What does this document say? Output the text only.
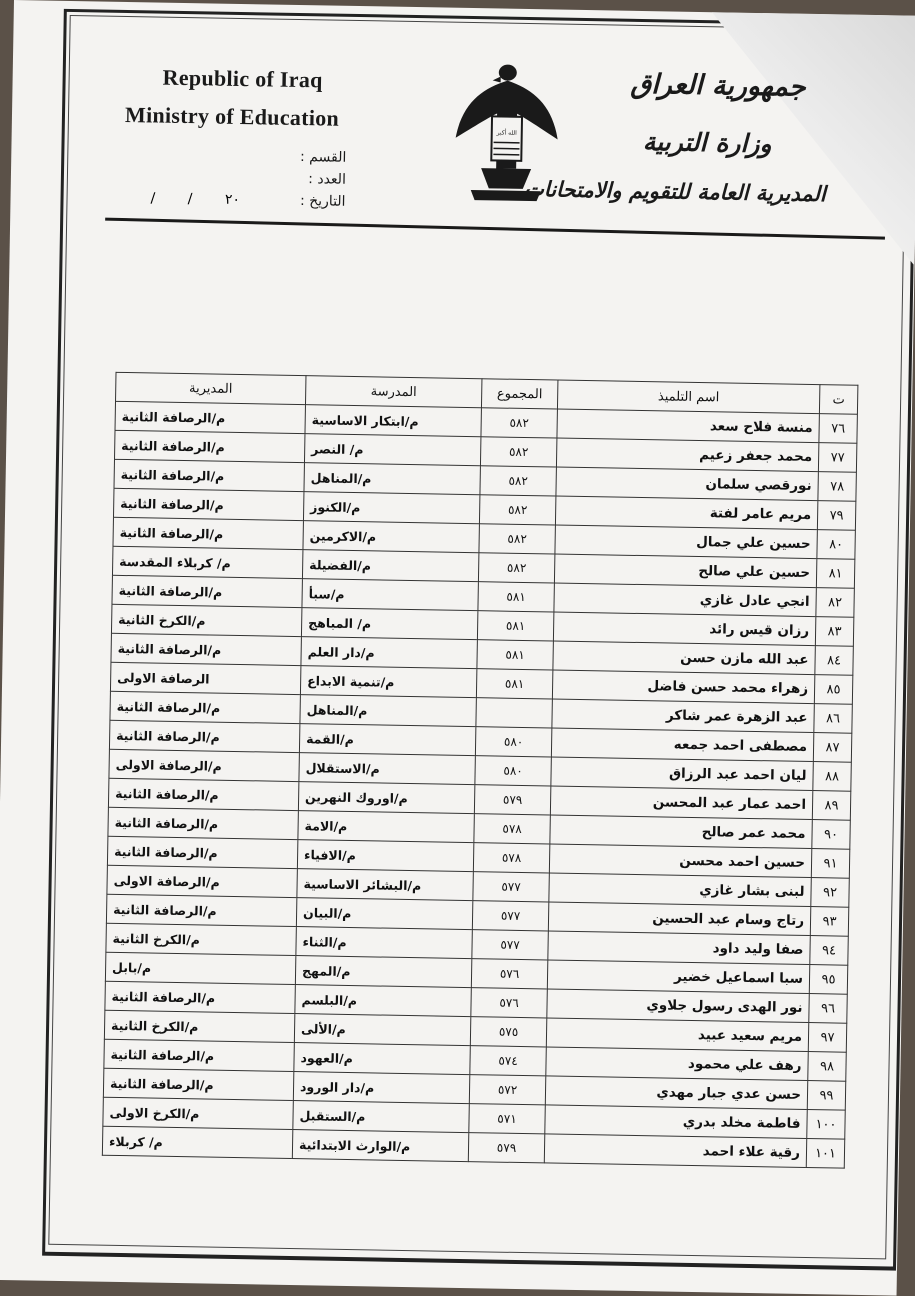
Republic of Iraq
Ministry of Education
القسم :
العدد :
التاريخ :
/ / ٢٠
الله أكبر
جمهورية العراق
وزارة التربية
المديرية العامة للتقويم والامتحانات
ت	اسم التلميذ	المجموع	المدرسة	المديرية
٧٦	منسة فلاح سعد	٥٨٢	م/ابتكار الاساسية	م/الرصافة الثانية
٧٧	محمد جعفر زعيم	٥٨٢	م/ النصر	م/الرصافة الثانية
٧٨	نورقصي سلمان	٥٨٢	م/المناهل	م/الرصافة الثانية
٧٩	مريم عامر لفتة	٥٨٢	م/الكنوز	م/الرصافة الثانية
٨٠	حسين علي جمال	٥٨٢	م/الاكرمين	م/الرصافة الثانية
٨١	حسين علي صالح	٥٨٢	م/الفضيلة	م/ كربلاء المقدسة
٨٢	انجي عادل غازي	٥٨١	م/سبأ	م/الرصافة الثانية
٨٣	رزان قيس رائد	٥٨١	م/ المباهج	م/الكرخ الثانية
٨٤	عبد الله مازن حسن	٥٨١	م/دار العلم	م/الرصافة الثانية
٨٥	زهراء محمد حسن فاضل	٥٨١	م/تنمية الابداع	الرصافة الاولى
٨٦	عبد الزهرة عمر شاكر		م/المناهل	م/الرصافة الثانية
٨٧	مصطفى احمد جمعه	٥٨٠	م/القمة	م/الرصافة الثانية
٨٨	ليان احمد عبد الرزاق	٥٨٠	م/الاستقلال	م/الرصافة الاولى
٨٩	احمد عمار عبد المحسن	٥٧٩	م/اوروك النهرين	م/الرصافة الثانية
٩٠	محمد عمر صالح	٥٧٨	م/الامة	م/الرصافة الثانية
٩١	حسين احمد محسن	٥٧٨	م/الافياء	م/الرصافة الثانية
٩٢	لبنى بشار غازي	٥٧٧	م/البشائر الاساسية	م/الرصافة الاولى
٩٣	رتاج وسام عبد الحسين	٥٧٧	م/البيان	م/الرصافة الثانية
٩٤	صفا وليد داود	٥٧٧	م/الثناء	م/الكرخ الثانية
٩٥	سبا اسماعيل خضير	٥٧٦	م/المهج	م/بابل
٩٦	نور الهدى رسول جلاوي	٥٧٦	م/البلسم	م/الرصافة الثانية
٩٧	مريم سعيد عبيد	٥٧٥	م/الألى	م/الكرخ الثانية
٩٨	رهف علي محمود	٥٧٤	م/العهود	م/الرصافة الثانية
٩٩	حسن عدي جبار مهدي	٥٧٢	م/دار الورود	م/الرصافة الثانية
١٠٠	فاطمة مخلد بدري	٥٧١	م/الستقبل	م/الكرخ الاولى
١٠١	رقية علاء احمد	٥٧٩	م/الوارث الابتدائية	م/ كربلاء
